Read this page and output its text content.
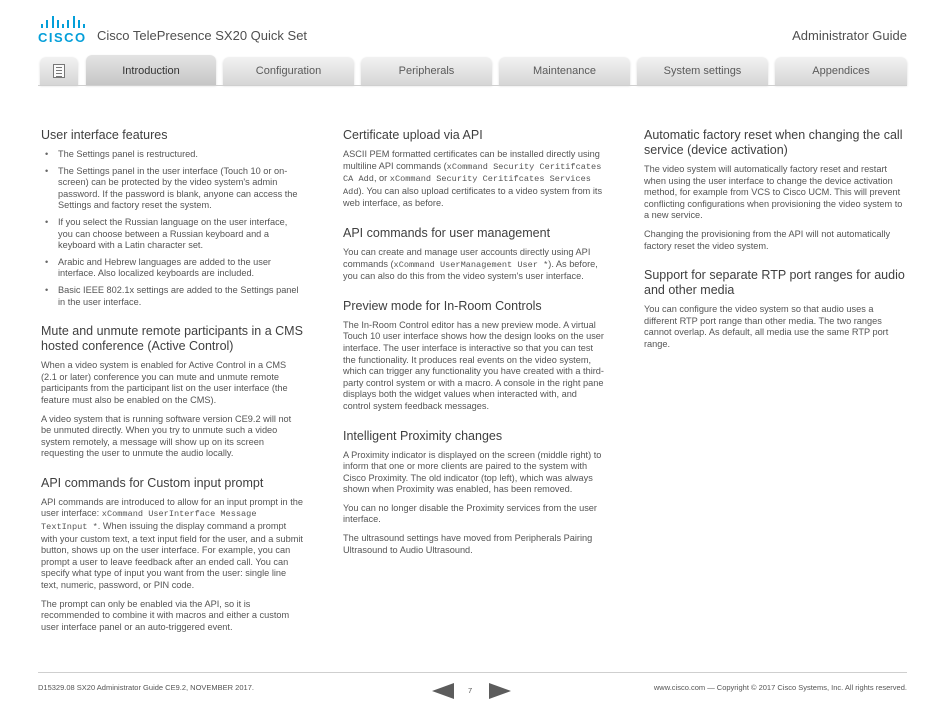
CISCO Cisco TelePresence SX20 Quick Set	Administrator Guide
Introduction	Configuration	Peripherals	Maintenance	System settings	Appendices
User interface features
• The Settings panel is restructured.
• The Settings panel in the user interface (Touch 10 or on-screen) can be protected by the video system's admin password. If the password is blank, anyone can access the Settings and factory reset the system.
• If you select the Russian language on the user interface, you can choose between a Russian keyboard and a keyboard with a Latin character set.
• Arabic and Hebrew languages are added to the user interface. Also localized keyboards are included.
• Basic IEEE 802.1x settings are added to the Settings panel in the user interface.
Mute and unmute remote participants in a CMS hosted conference (Active Control)

When a video system is enabled for Active Control in a CMS (2.1 or later) conference you can mute and unmute remote participants from the participant list on the user interface (the feature must also be enabled on the CMS).

A video system that is running software version CE9.2 will not be unmuted directly. When you try to unmute such a video system remotely, a message will show up on its screen requesting the user to unmute the audio locally.

API commands for Custom input prompt

API commands are introduced to allow for an input prompt in the user interface: xCommand UserInterface Message TextInput *. When issuing the display command a prompt with your custom text, a text input field for the user, and a submit button, shows up on the user interface. For example, you can prompt a user to leave feedback after an ended call. You can specify what type of input you want from the user: single line text, numeric, password, or PIN code.

The prompt can only be enabled via the API, so it is recommended to combine it with macros and either a custom user interface panel or an auto-triggered event.

Certificate upload via API

ASCII PEM formatted certificates can be installed directly using multiline API commands (xCommand Security Ceritifcates CA Add, or xCommand Security Ceritifcates Services Add). You can also upload certificates to a video system from its web interface, as before.

API commands for user management

You can create and manage user accounts directly using API commands (xCommand UserManagement User *). As before, you can also do this from the video system's user interface.

Preview mode for In-Room Controls

The In-Room Control editor has a new preview mode. A virtual Touch 10 user interface shows how the design looks on the user interface. The user interface is interactive so that you can test the functionality. It produces real events on the video system, which can trigger any functionality you have created with a third-party control system or with a macro. A console in the right pane displays both the widget values when interacted with, and control system feedback messages.

Intelligent Proximity changes

A Proximity indicator is displayed on the screen (middle right) to inform that one or more clients are paired to the system with Cisco Proximity. The old indicator (top left), which was always shown when Proximity was enabled, has been removed.

You can no longer disable the Proximity services from the user interface.

The ultrasound settings have moved from Peripherals Pairing Ultrasound to Audio Ultrasound.

Automatic factory reset when changing the call service (device activation)

The video system will automatically factory reset and restart when using the user interface to change the device activation method, for example from VCS to Cisco UCM. This will prevent conflicting configurations when provisioning the video system to a new service.

Changing the provisioning from the API will not automatically factory reset the video system.

Support for separate RTP port ranges for audio and other media

You can configure the video system so that audio uses a different RTP port range than other media. The two ranges cannot overlap. As default, all media use the same RTP port range.

D15329.08 SX20 Administrator Guide CE9.2, NOVEMBER 2017.	7	www.cisco.com — Copyright © 2017 Cisco Systems, Inc. All rights reserved.
